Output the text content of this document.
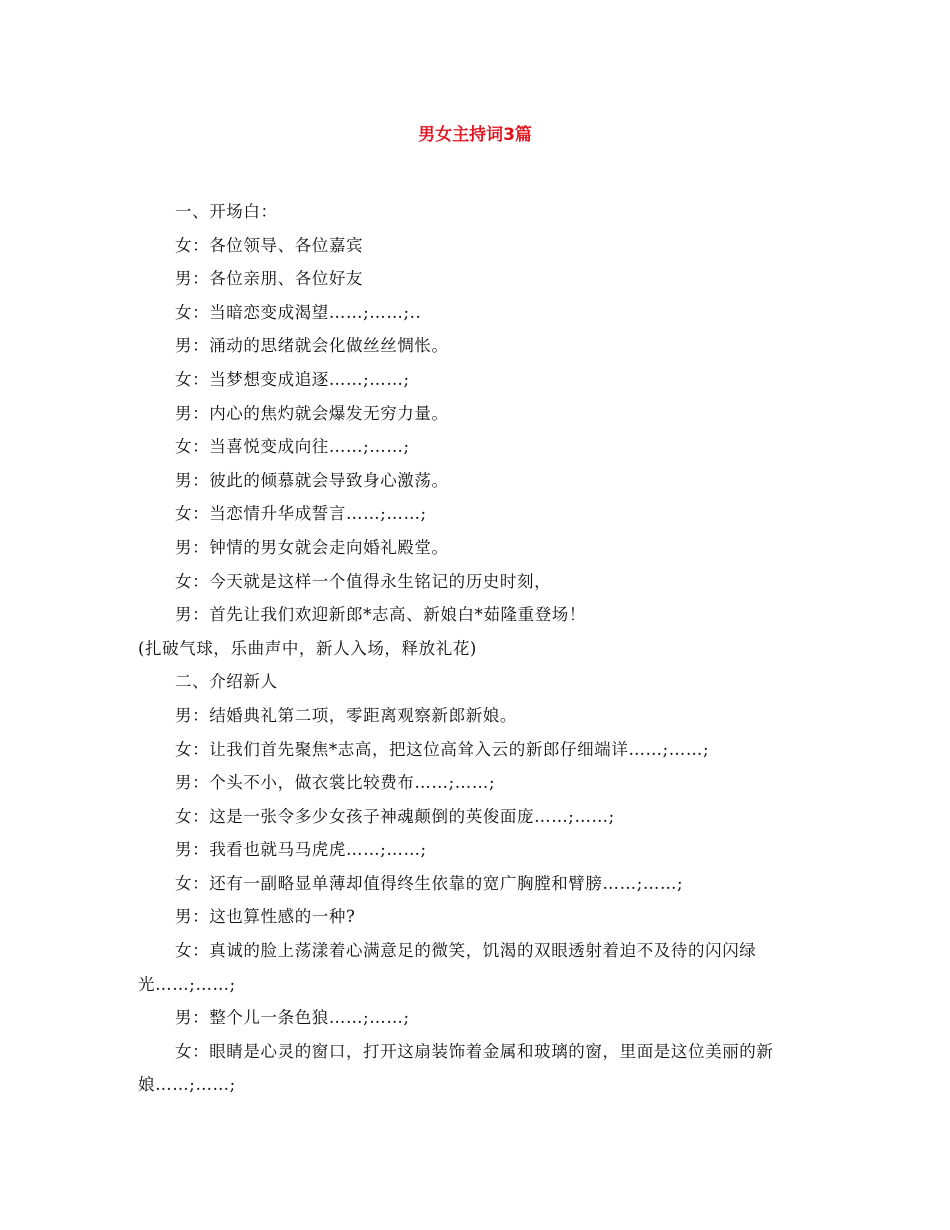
男女主持词3篇

一、开场白：

女：各位领导、各位嘉宾

男：各位亲朋、各位好友

女：当暗恋变成渴望……;……;..

男：涌动的思绪就会化做丝丝惆怅。

女：当梦想变成追逐……;……;

男：内心的焦灼就会爆发无穷力量。

女：当喜悦变成向往……;……;

男：彼此的倾慕就会导致身心激荡。

女：当恋情升华成誓言……;……;

男：钟情的男女就会走向婚礼殿堂。

女：今天就是这样一个值得永生铭记的历史时刻，

男：首先让我们欢迎新郎*志高、新娘白*茹隆重登场！

(扎破气球，乐曲声中，新人入场，释放礼花)

二、介绍新人

男：结婚典礼第二项，零距离观察新郎新娘。

女：让我们首先聚焦*志高，把这位高耸入云的新郎仔细端详……;……;

男：个头不小，做衣裳比较费布……;……;

女：这是一张令多少女孩子神魂颠倒的英俊面庞……;……;

男：我看也就马马虎虎……;……;

女：还有一副略显单薄却值得终生依靠的宽广胸膛和臂膀……;……;

男：这也算性感的一种?

女：真诚的脸上荡漾着心满意足的微笑，饥渴的双眼透射着迫不及待的闪闪绿光……;……;

男：整个儿一条色狼……;……;

女：眼睛是心灵的窗口，打开这扇装饰着金属和玻璃的窗，里面是这位美丽的新娘……;……;
